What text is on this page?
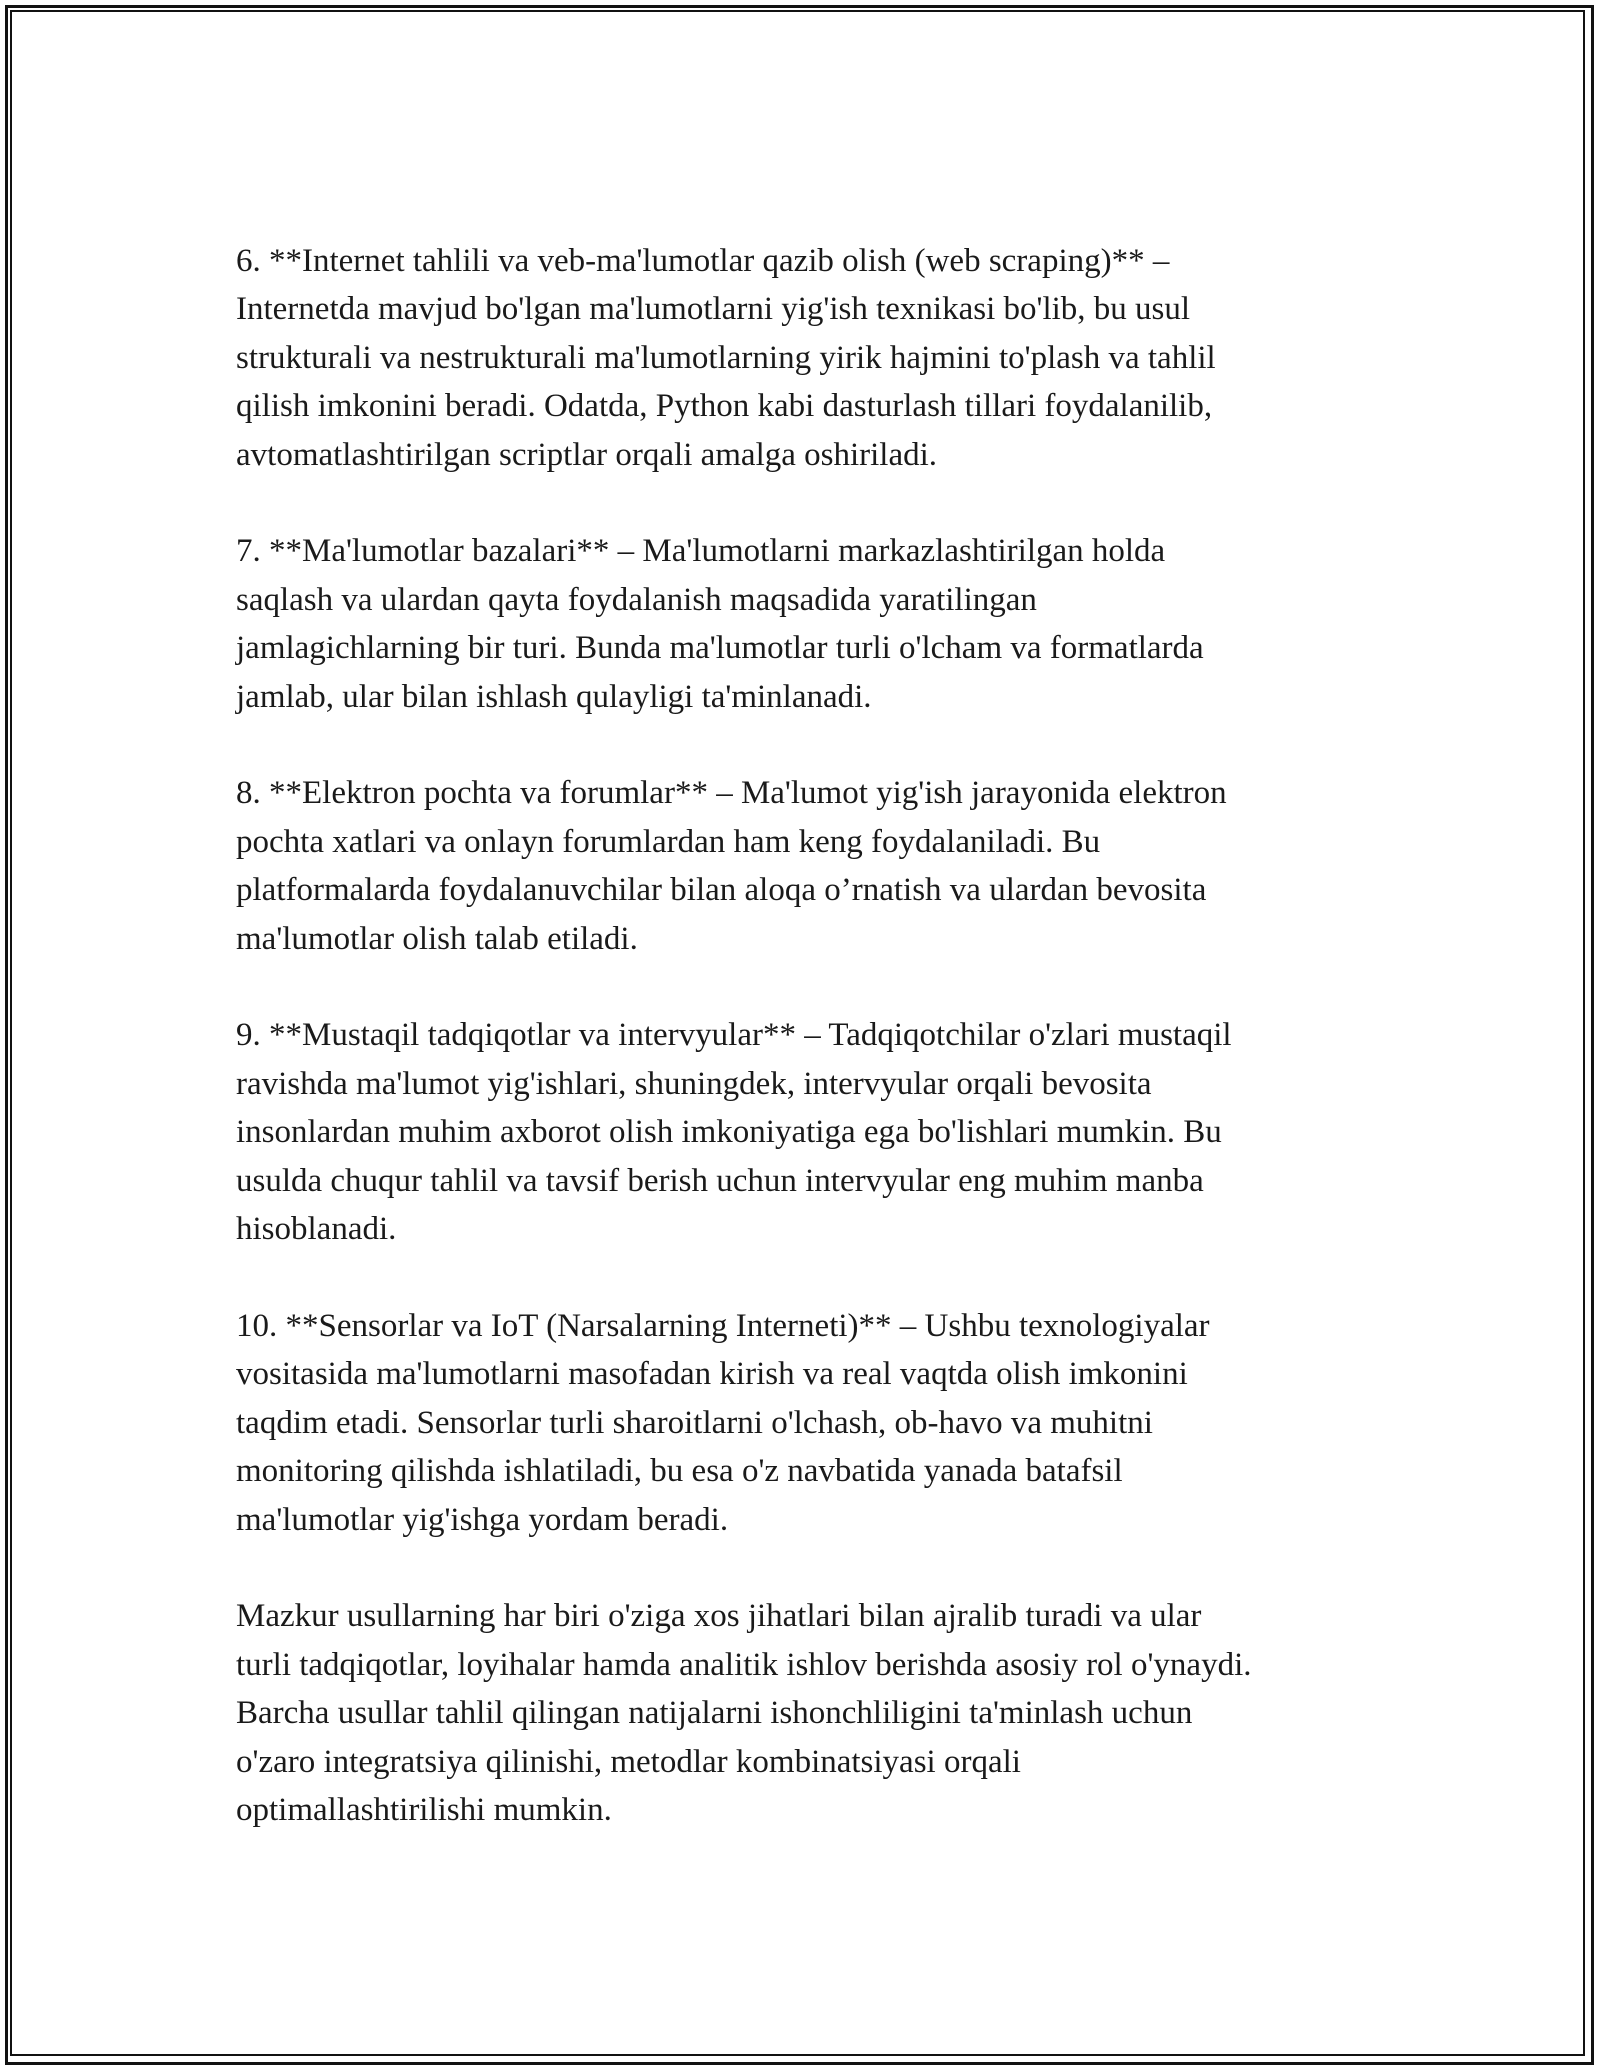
6. **Internet tahlili va veb-ma'lumotlar qazib olish (web scraping)** –
Internetda mavjud bo'lgan ma'lumotlarni yig'ish texnikasi bo'lib, bu usul
strukturali va nestrukturali ma'lumotlarning yirik hajmini to'plash va tahlil
qilish imkonini beradi. Odatda, Python kabi dasturlash tillari foydalanilib,
avtomatlashtirilgan scriptlar orqali amalga oshiriladi.

7. **Ma'lumotlar bazalari** – Ma'lumotlarni markazlashtirilgan holda
saqlash va ulardan qayta foydalanish maqsadida yaratilingan
jamlagichlarning bir turi. Bunda ma'lumotlar turli o'lcham va formatlarda
jamlab, ular bilan ishlash qulayligi ta'minlanadi.

8. **Elektron pochta va forumlar** – Ma'lumot yig'ish jarayonida elektron
pochta xatlari va onlayn forumlardan ham keng foydalaniladi. Bu
platformalarda foydalanuvchilar bilan aloqa o’rnatish va ulardan bevosita
ma'lumotlar olish talab etiladi.

9. **Mustaqil tadqiqotlar va intervyular** – Tadqiqotchilar o'zlari mustaqil
ravishda ma'lumot yig'ishlari, shuningdek, intervyular orqali bevosita
insonlardan muhim axborot olish imkoniyatiga ega bo'lishlari mumkin. Bu
usulda chuqur tahlil va tavsif berish uchun intervyular eng muhim manba
hisoblanadi.

10. **Sensorlar va IoT (Narsalarning Interneti)** – Ushbu texnologiyalar
vositasida ma'lumotlarni masofadan kirish va real vaqtda olish imkonini
taqdim etadi. Sensorlar turli sharoitlarni o'lchash, ob-havo va muhitni
monitoring qilishda ishlatiladi, bu esa o'z navbatida yanada batafsil
ma'lumotlar yig'ishga yordam beradi.

Mazkur usullarning har biri o'ziga xos jihatlari bilan ajralib turadi va ular
turli tadqiqotlar, loyihalar hamda analitik ishlov berishda asosiy rol o'ynaydi.
Barcha usullar tahlil qilingan natijalarni ishonchliligini ta'minlash uchun
o'zaro integratsiya qilinishi, metodlar kombinatsiyasi orqali
optimallashtirilishi mumkin.
